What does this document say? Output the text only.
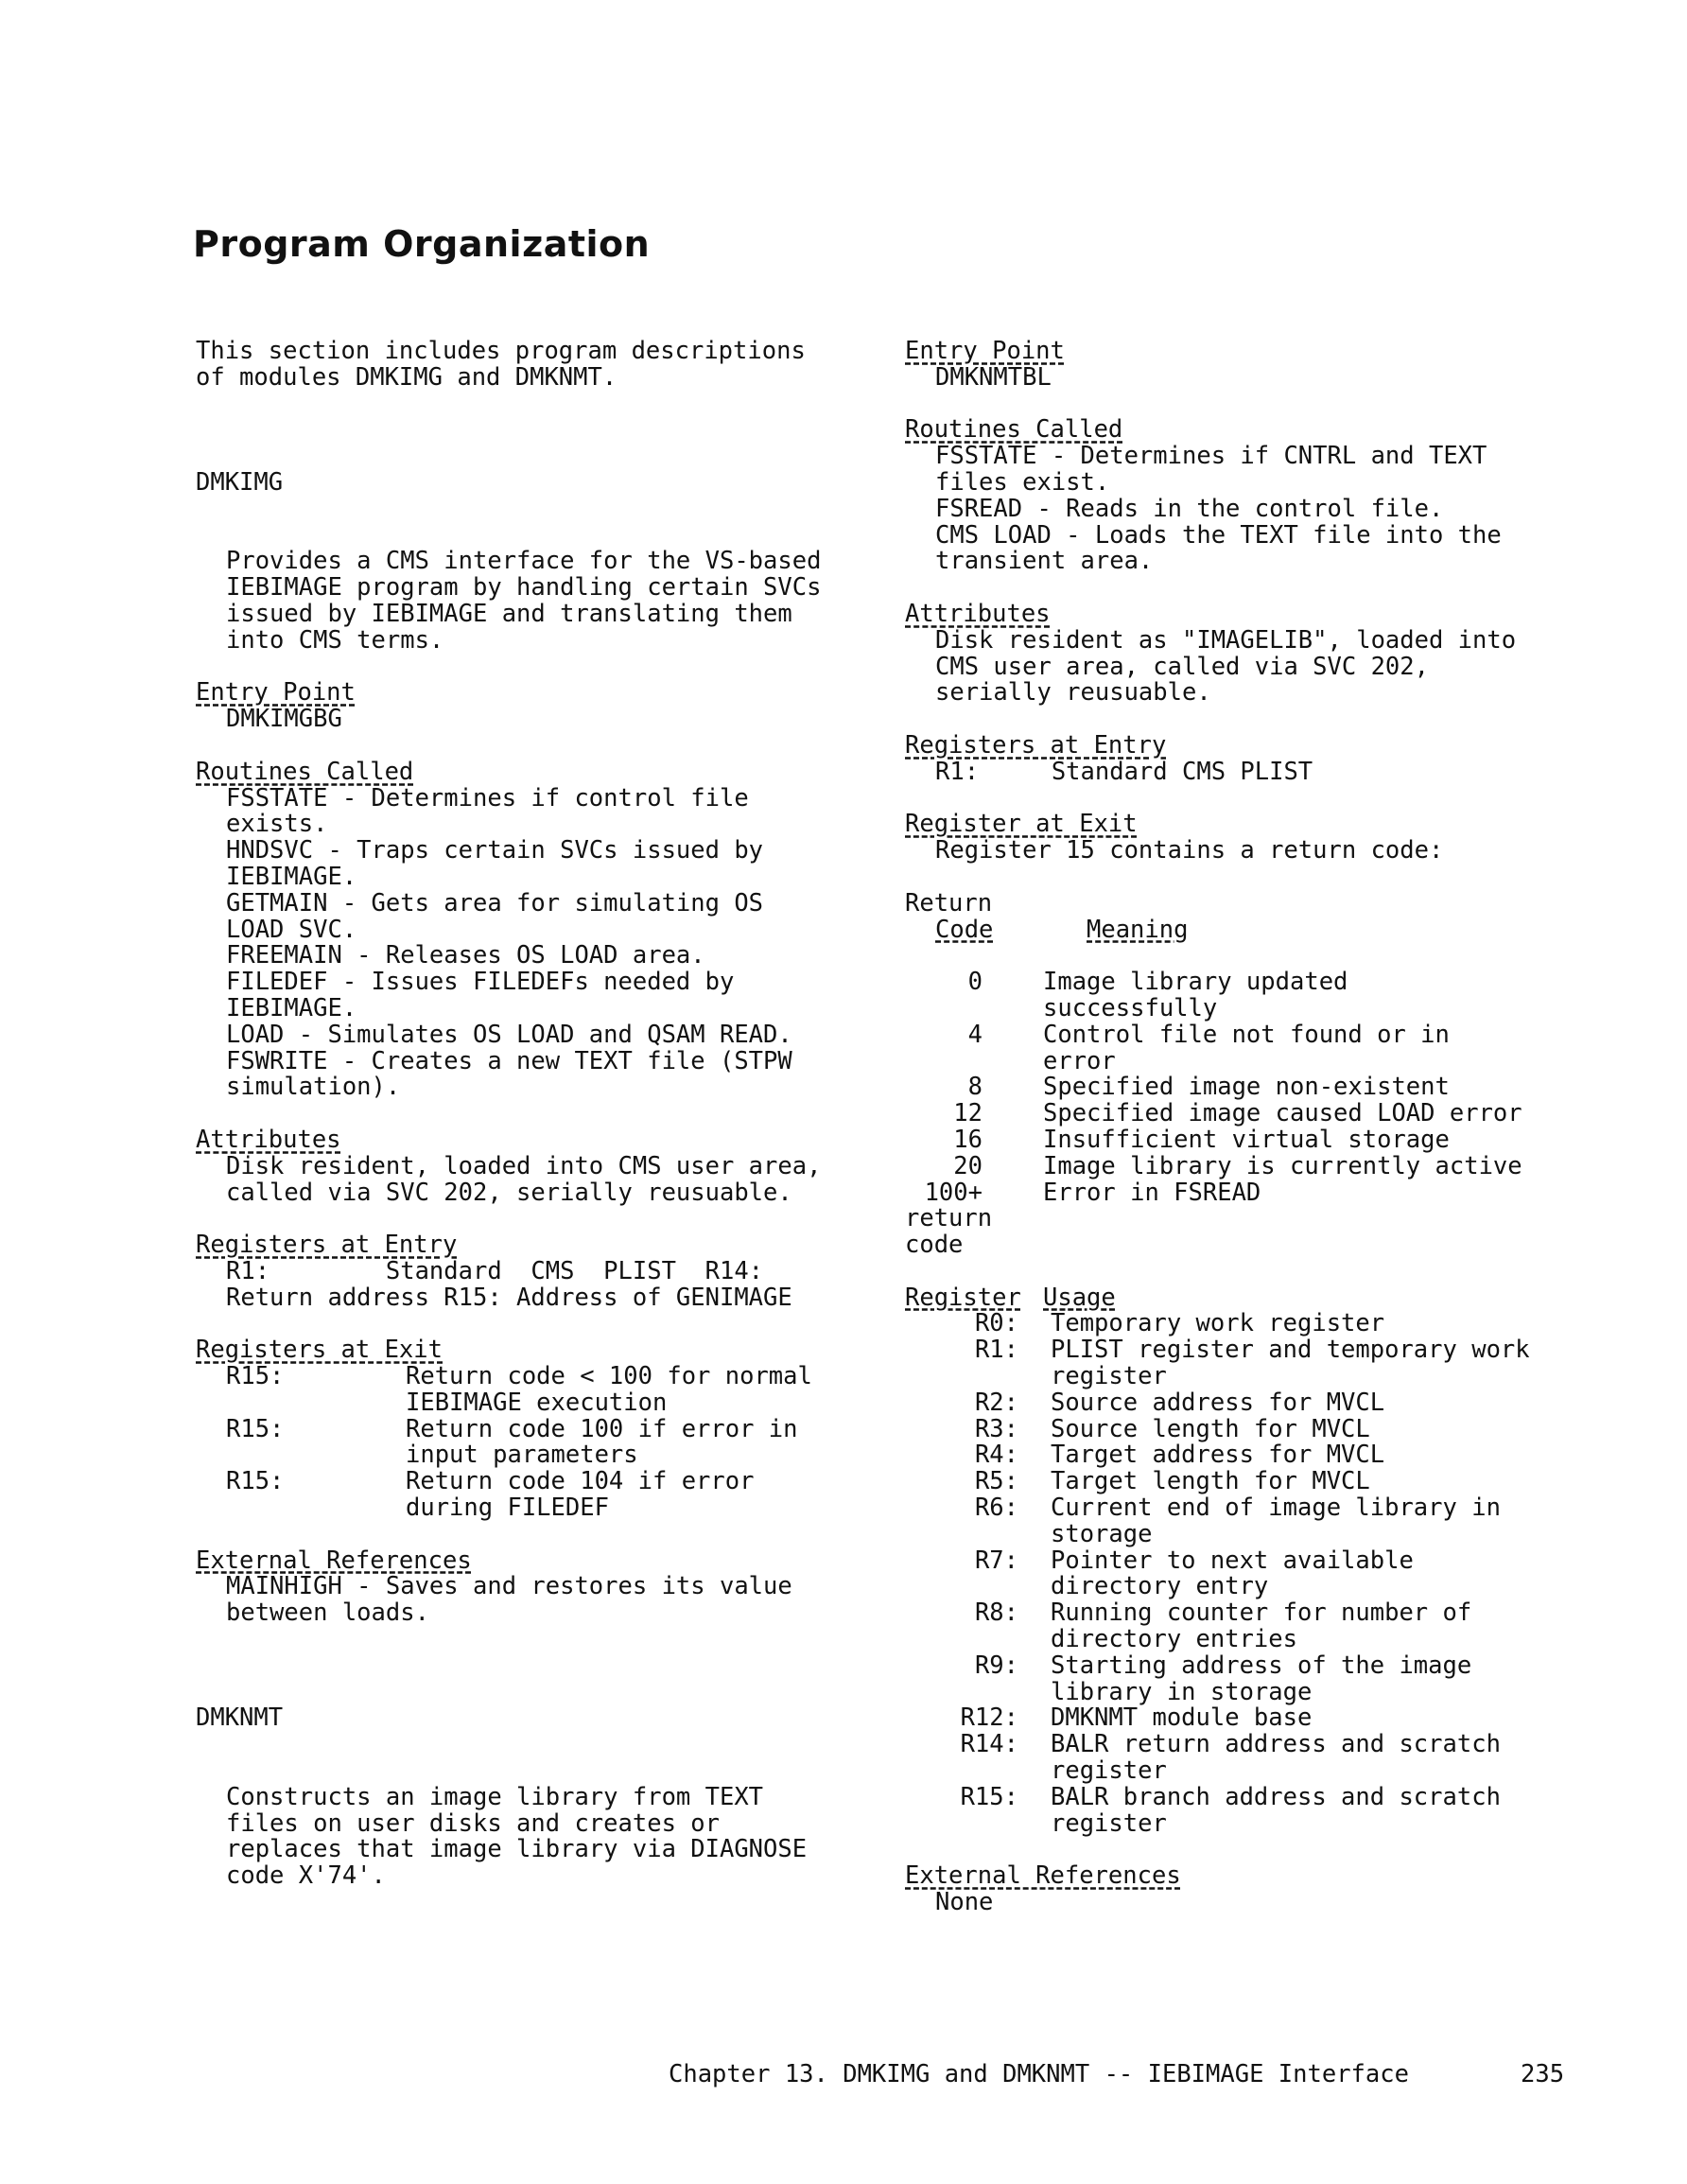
Program Organization
This section includes program descriptions
of modules DMKIMG and DMKNMT.
DMKIMG
Provides a CMS interface for the VS-based
IEBIMAGE program by handling certain SVCs
issued by IEBIMAGE and translating them
into CMS terms.
Entry Point
DMKIMGBG
Routines Called
FSSTATE - Determines if control file
exists.
HNDSVC - Traps certain SVCs issued by
IEBIMAGE.
GETMAIN - Gets area for simulating OS
LOAD SVC.
FREEMAIN - Releases OS LOAD area.
FILEDEF - Issues FILEDEFs needed by
IEBIMAGE.
LOAD - Simulates OS LOAD and QSAM READ.
FSWRITE - Creates a new TEXT file (STPW
simulation).
Attributes
Disk resident, loaded into CMS user area,
called via SVC 202, serially reusuable.
Registers at Entry
R1:        Standard  CMS  PLIST  R14:
Return address R15: Address of GENIMAGE
Registers at Exit
R15:	Return code < 100 for normal
IEBIMAGE execution
R15:	Return code 100 if error in
input parameters
R15:	Return code 104 if error
during FILEDEF
External References
MAINHIGH - Saves and restores its value
between loads.
DMKNMT
Constructs an image library from TEXT
files on user disks and creates or
replaces that image library via DIAGNOSE
code X'74'.
Entry Point
DMKNMTBL
Routines Called
FSSTATE - Determines if CNTRL and TEXT
files exist.
FSREAD - Reads in the control file.
CMS LOAD - Loads the TEXT file into the
transient area.
Attributes
Disk resident as "IMAGELIB", loaded into
CMS user area, called via SVC 202,
serially reusuable.
Registers at Entry
R1:     Standard CMS PLIST
Register at Exit
Register 15 contains a return code:
Return
Code	Meaning
0	Image library updated
successfully
4	Control file not found or in
error
8	Specified image non-existent
12	Specified image caused LOAD error
16	Insufficient virtual storage
20	Image library is currently active
100+	Error in FSREAD
return
code
Register Usage
R0: Temporary work register
R1: PLIST register and temporary work
register
R2: Source address for MVCL
R3: Source length for MVCL
R4: Target address for MVCL
R5: Target length for MVCL
R6: Current end of image library in
storage
R7: Pointer to next available
directory entry
R8: Running counter for number of
directory entries
R9: Starting address of the image
library in storage
R12: DMKNMT module base
R14: BALR return address and scratch
register
R15: BALR branch address and scratch
register
External References
None
Chapter 13. DMKIMG and DMKNMT -- IEBIMAGE Interface	235
